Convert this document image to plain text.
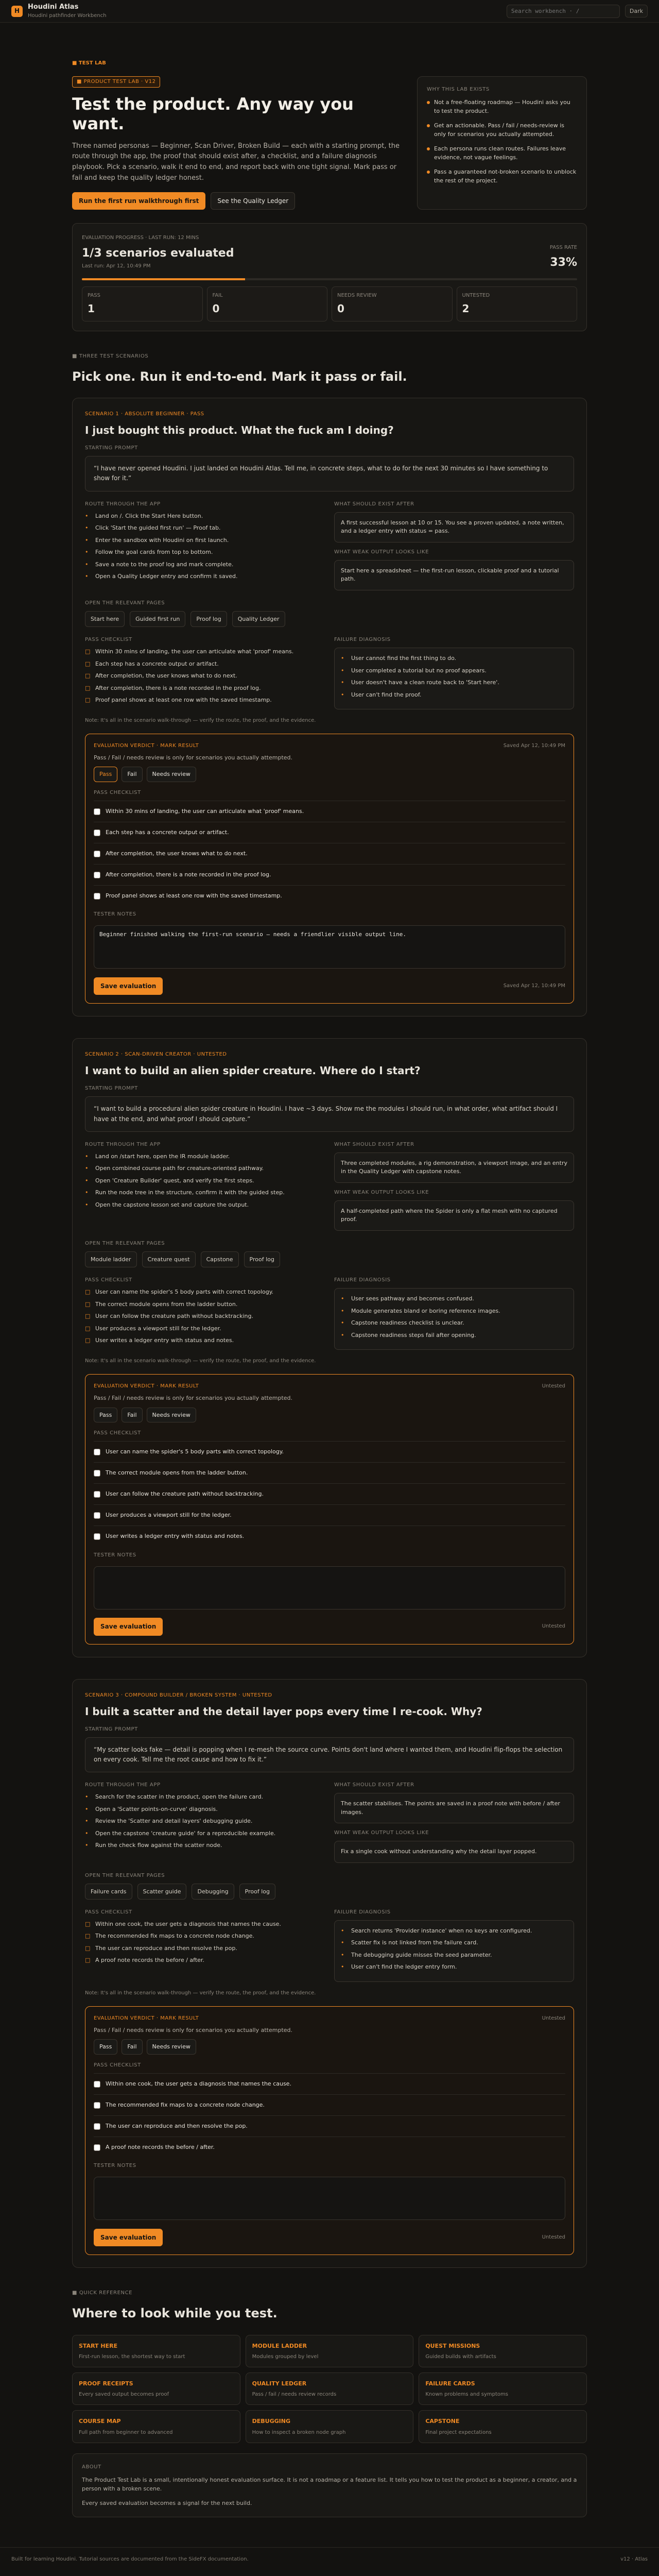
H	Houdini Atlas
Houdini pathfinder Workbench
Search workbench · /
Dark
■ TEST LAB
■ PRODUCT TEST LAB · V12
Test the product. Any way you want.

Three named personas — Beginner, Scan Driver, Broken Build — each with a starting prompt, the route through the app, the proof that should exist after, a checklist, and a failure diagnosis playbook. Pick a scenario, walk it end to end, and report back with one tight signal. Mark pass or fail and keep the quality ledger honest.

Run the first run walkthrough first	See the Quality Ledger
WHY THIS LAB EXISTS
Not a free-floating roadmap — Houdini asks you to test the product.
Get an actionable. Pass / fail / needs-review is only for scenarios you actually attempted.
Each persona runs clean routes. Failures leave evidence, not vague feelings.
Pass a guaranteed not-broken scenario to unblock the rest of the project.
EVALUATION PROGRESS · LAST RUN: 12 MINS
1/3 scenarios evaluated
Last run: Apr 12, 10:49 PM
PASS RATE
33%
PASS
1
FAIL
0
NEEDS REVIEW
0
UNTESTED
2
■ THREE TEST SCENARIOS
Pick one. Run it end-to-end. Mark it pass or fail.
SCENARIO 1 · ABSOLUTE BEGINNER · PASS
I just bought this product. What the fuck am I doing?
STARTING PROMPT
“I have never opened Houdini. I just landed on Houdini Atlas. Tell me, in concrete steps, what to do for the next 30 minutes so I have something to show for it.”
ROUTE THROUGH THE APP
•	Land on /. Click the Start Here button.
•	Click 'Start the guided first run' — Proof tab.
•	Enter the sandbox with Houdini on first launch.
•	Follow the goal cards from top to bottom.
•	Save a note to the proof log and mark complete.
•	Open a Quality Ledger entry and confirm it saved.
WHAT SHOULD EXIST AFTER
A first successful lesson at 10 or 15. You see a proven updated, a note written, and a ledger entry with status = pass.
WHAT WEAK OUTPUT LOOKS LIKE
Start here a spreadsheet — the first-run lesson, clickable proof and a tutorial path.
OPEN THE RELEVANT PAGES
Start here	Guided first run	Proof log	Quality Ledger
PASS CHECKLIST
□ Within 30 mins of landing, the user can articulate what 'proof' means.
□ Each step has a concrete output or artifact.
□ After completion, the user knows what to do next.
□ After completion, there is a note recorded in the proof log.
□ Proof panel shows at least one row with the saved timestamp.
FAILURE DIAGNOSIS
•	User cannot find the first thing to do.
•	User completed a tutorial but no proof appears.
•	User doesn't have a clean route back to 'Start here'.
•	User can't find the proof.

Note: It's all in the scenario walk-through — verify the route, the proof, and the evidence.

EVALUATION VERDICT · MARK RESULT	Saved Apr 12, 10:49 PM

Pass / Fail / needs review is only for scenarios you actually attempted.

Pass	Fail	Needs review
PASS CHECKLIST
Within 30 mins of landing, the user can articulate what 'proof' means.
Each step has a concrete output or artifact.
After completion, the user knows what to do next.
After completion, there is a note recorded in the proof log.
Proof panel shows at least one row with the saved timestamp.
TESTER NOTES
Beginner finished walking the first-run scenario — needs a friendlier visible output line.
Save evaluation	Saved Apr 12, 10:49 PM
SCENARIO 2 · SCAN-DRIVEN CREATOR · UNTESTED
I want to build an alien spider creature. Where do I start?
STARTING PROMPT
“I want to build a procedural alien spider creature in Houdini. I have ~3 days. Show me the modules I should run, in what order, what artifact should I have at the end, and what proof I should capture.”
ROUTE THROUGH THE APP
•	Land on /start here, open the IR module ladder.
•	Open combined course path for creature-oriented pathway.
•	Open 'Creature Builder' quest, and verify the first steps.
•	Run the node tree in the structure, confirm it with the guided step.
•	Open the capstone lesson set and capture the output.
WHAT SHOULD EXIST AFTER
Three completed modules, a rig demonstration, a viewport image, and an entry in the Quality Ledger with capstone notes.
WHAT WEAK OUTPUT LOOKS LIKE
A half-completed path where the Spider is only a flat mesh with no captured proof.
OPEN THE RELEVANT PAGES
Module ladder	Creature quest	Capstone	Proof log
PASS CHECKLIST
□ User can name the spider's 5 body parts with correct topology.
□ The correct module opens from the ladder button.
□ User can follow the creature path without backtracking.
□ User produces a viewport still for the ledger.
□ User writes a ledger entry with status and notes.
FAILURE DIAGNOSIS
•	User sees pathway and becomes confused.
•	Module generates bland or boring reference images.
•	Capstone readiness checklist is unclear.
•	Capstone readiness steps fail after opening.

Note: It's all in the scenario walk-through — verify the route, the proof, and the evidence.

EVALUATION VERDICT · MARK RESULT	Untested

Pass / Fail / needs review is only for scenarios you actually attempted.

Pass	Fail	Needs review
PASS CHECKLIST
User can name the spider's 5 body parts with correct topology.
The correct module opens from the ladder button.
User can follow the creature path without backtracking.
User produces a viewport still for the ledger.
User writes a ledger entry with status and notes.
TESTER NOTES
Save evaluation	Untested
SCENARIO 3 · COMPOUND BUILDER / BROKEN SYSTEM · UNTESTED
I built a scatter and the detail layer pops every time I re-cook. Why?
STARTING PROMPT
“My scatter looks fake — detail is popping when I re-mesh the source curve. Points don't land where I wanted them, and Houdini flip-flops the selection on every cook. Tell me the root cause and how to fix it.”
ROUTE THROUGH THE APP
•	Search for the scatter in the product, open the failure card.
•	Open a 'Scatter points-on-curve' diagnosis.
•	Review the 'Scatter and detail layers' debugging guide.
•	Open the capstone 'creature guide' for a reproducible example.
•	Run the check flow against the scatter node.
WHAT SHOULD EXIST AFTER
The scatter stabilises. The points are saved in a proof note with before / after images.
WHAT WEAK OUTPUT LOOKS LIKE
Fix a single cook without understanding why the detail layer popped.
OPEN THE RELEVANT PAGES
Failure cards	Scatter guide	Debugging	Proof log
PASS CHECKLIST
□ Within one cook, the user gets a diagnosis that names the cause.
□ The recommended fix maps to a concrete node change.
□ The user can reproduce and then resolve the pop.
□ A proof note records the before / after.
FAILURE DIAGNOSIS
•	Search returns 'Provider instance' when no keys are configured.
•	Scatter fix is not linked from the failure card.
•	The debugging guide misses the seed parameter.
•	User can't find the ledger entry form.

Note: It's all in the scenario walk-through — verify the route, the proof, and the evidence.

EVALUATION VERDICT · MARK RESULT	Untested

Pass / Fail / needs review is only for scenarios you actually attempted.

Pass	Fail	Needs review
PASS CHECKLIST
Within one cook, the user gets a diagnosis that names the cause.
The recommended fix maps to a concrete node change.
The user can reproduce and then resolve the pop.
A proof note records the before / after.
TESTER NOTES
Save evaluation	Untested
■ QUICK REFERENCE
Where to look while you test.
START HERE

First-run lesson, the shortest way to start

MODULE LADDER

Modules grouped by level

QUEST MISSIONS

Guided builds with artifacts

PROOF RECEIPTS

Every saved output becomes proof

QUALITY LEDGER

Pass / fail / needs review records

FAILURE CARDS

Known problems and symptoms

COURSE MAP

Full path from beginner to advanced

DEBUGGING

How to inspect a broken node graph

CAPSTONE

Final project expectations

ABOUT

The Product Test Lab is a small, intentionally honest evaluation surface. It is not a roadmap or a feature list. It tells you how to test the product as a beginner, a creator, and a person with a broken scene.

Every saved evaluation becomes a signal for the next build.

Built for learning Houdini. Tutorial sources are documented from the SideFX documentation.	v12 · Atlas
